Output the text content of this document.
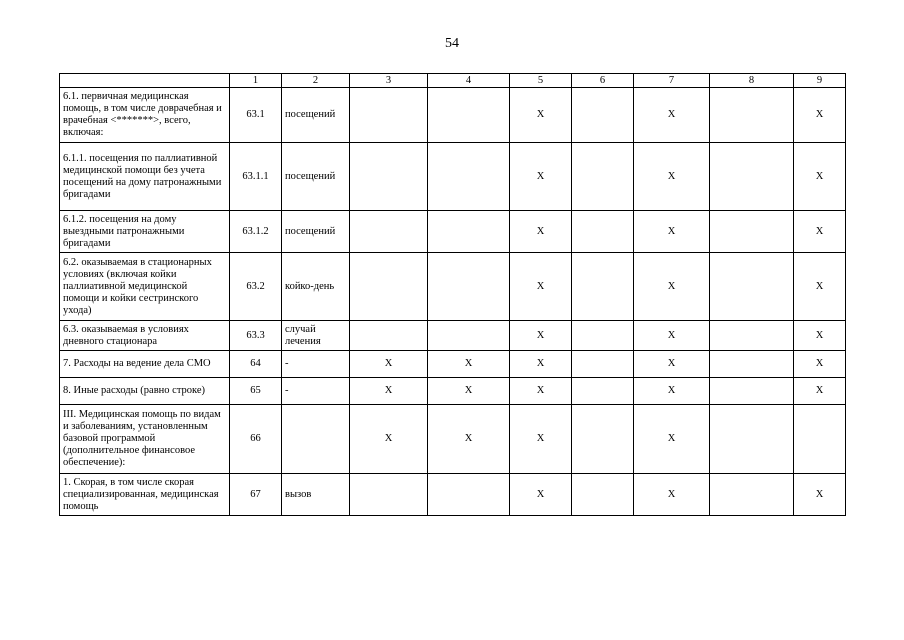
54
	1	2	3	4	5	6	7	8	9
6.1. первичная медицинская помощь, в том числе доврачебная и врачебная <*******>, всего, включая:	63.1	посещений			X		X		X
6.1.1. посещения по паллиативной медицинской помощи без учета посещений на дому патронажными бригадами	63.1.1	посещений			X		X		X
6.1.2. посещения на дому выездными патронажными бригадами	63.1.2	посещений			X		X		X
6.2. оказываемая в стационарных условиях (включая койки паллиативной медицинской помощи и койки сестринского ухода)	63.2	койко-день			X		X		X
6.3. оказываемая в условиях дневного стационара	63.3	случай лечения			X		X		X
7. Расходы на ведение дела СМО	64	-	X	X	X		X		X
8. Иные расходы (равно строке)	65	-	X	X	X		X		X
III. Медицинская помощь по видам и заболеваниям, установленным базовой программой (дополнительное финансовое обеспечение):	66		X	X	X		X		
1. Скорая, в том числе скорая специализированная, медицинская помощь	67	вызов			X		X		X
